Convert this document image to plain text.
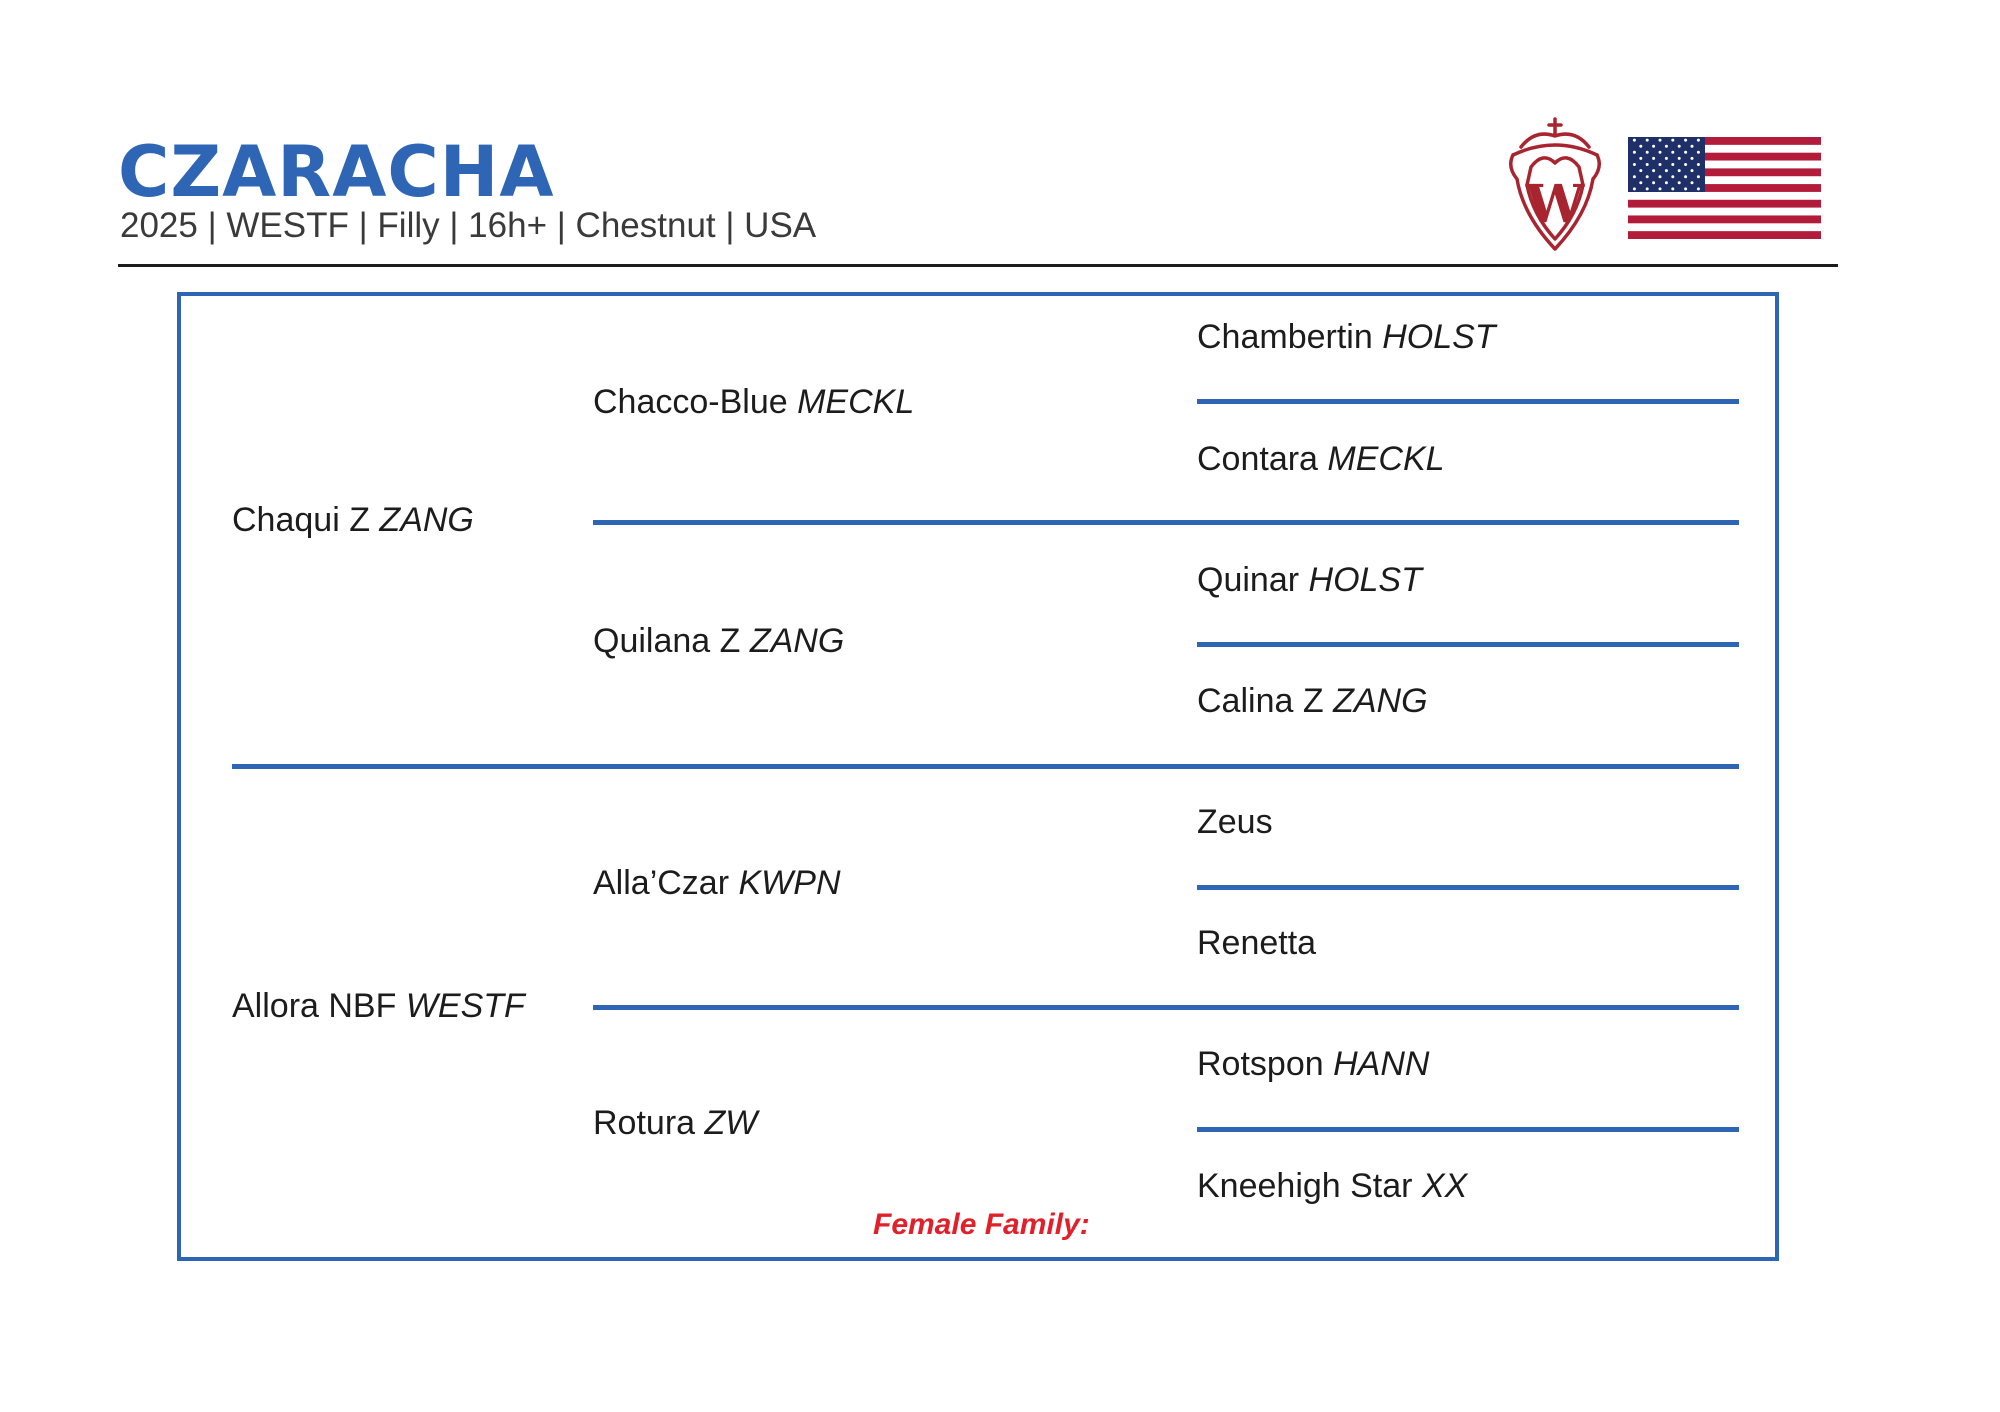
CZARACHA
2025 | WESTF | Filly | 16h+ | Chestnut | USA	W
Chaqui Z ZANG
Allora NBF WESTF
Chacco-Blue MECKL
Quilana Z ZANG
Alla’Czar KWPN
Rotura ZW
Chambertin HOLST
Contara MECKL
Quinar HOLST
Calina Z ZANG
Zeus
Renetta
Rotspon HANN
Kneehigh Star XX
Female Family:
